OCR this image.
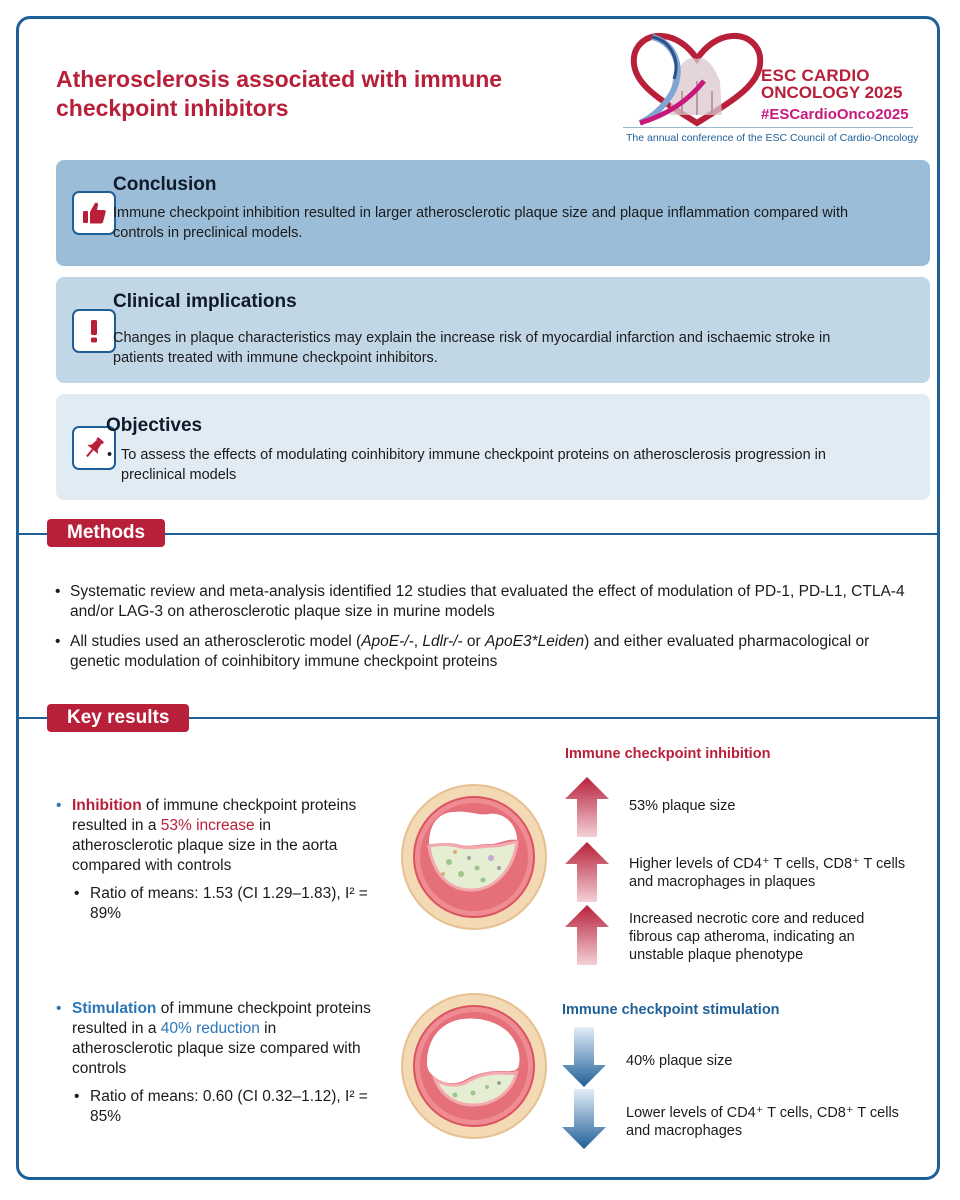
Atherosclerosis associated with immune checkpoint inhibitors
ESC CARDIO
ONCOLOGY 2025
#ESCardioOnco2025
The annual conference of the ESC Council of Cardio-Oncology
Conclusion

Immune checkpoint inhibition resulted in larger atherosclerotic plaque size and plaque inflammation compared with controls in preclinical models.

Clinical implications

Changes in plaque characteristics may explain the increase risk of myocardial infarction and ischaemic stroke in patients treated with immune checkpoint inhibitors.

Objectives

• To assess the effects of modulating coinhibitory immune checkpoint proteins on atherosclerosis progression in preclinical models

Methods
• Systematic review and meta-analysis identified 12 studies that evaluated the effect of modulation of PD-1, PD-L1, CTLA-4 and/or LAG-3 on atherosclerotic plaque size in murine models
• All studies used an atherosclerotic model (ApoE-/-, Ldlr-/- or ApoE3*Leiden) and either evaluated pharmacological or genetic modulation of coinhibitory immune checkpoint proteins
Key results
• Inhibition of immune checkpoint proteins resulted in a 53% increase in atherosclerotic plaque size in the aorta compared with controls
• Ratio of means: 1.53 (CI 1.29–1.83), I² = 89%
• Stimulation of immune checkpoint proteins resulted in a 40% reduction in atherosclerotic plaque size compared with controls
• Ratio of means: 0.60 (CI 0.32–1.12), I² = 85%
Immune checkpoint inhibition
53% plaque size
Higher levels of CD4⁺ T cells, CD8⁺ T cells and macrophages in plaques
Increased necrotic core and reduced fibrous cap atheroma, indicating an unstable plaque phenotype
Immune checkpoint stimulation
40% plaque size
Lower levels of CD4⁺ T cells, CD8⁺ T cells and macrophages
